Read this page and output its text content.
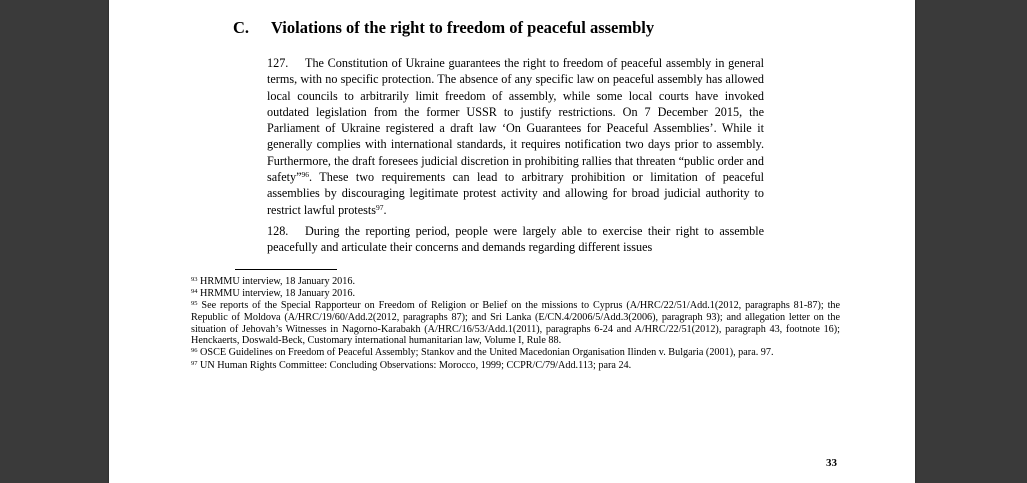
C. Violations of the right to freedom of peaceful assembly
127. The Constitution of Ukraine guarantees the right to freedom of peaceful assembly in general terms, with no specific protection. The absence of any specific law on peaceful assembly has allowed local councils to arbitrarily limit freedom of assembly, while some local courts have invoked outdated legislation from the former USSR to justify restrictions. On 7 December 2015, the Parliament of Ukraine registered a draft law ‘On Guarantees for Peaceful Assemblies’. While it generally complies with international standards, it requires notification two days prior to assembly. Furthermore, the draft foresees judicial discretion in prohibiting rallies that threaten “public order and safety”$^{96}$. These two requirements can lead to arbitrary prohibition or limitation of peaceful assemblies by discouraging legitimate protest activity and allowing for broad judicial authority to restrict lawful protests$^{97}$.
128. During the reporting period, people were largely able to exercise their right to assemble peacefully and articulate their concerns and demands regarding different issues
$^{93}$ HRMMU interview, 18 January 2016.
$^{94}$ HRMMU interview, 18 January 2016.
$^{95}$ See reports of the Special Rapporteur on Freedom of Religion or Belief on the missions to Cyprus (A/HRC/22/51/Add.1(2012, paragraphs 81-87); the Republic of Moldova (A/HRC/19/60/Add.2(2012, paragraphs 87); and Sri Lanka (E/CN.4/2006/5/Add.3(2006), paragraph 93); and allegation letter on the situation of Jehovah’s Witnesses in Nagorno-Karabakh (A/HRC/16/53/Add.1(2011), paragraphs 6-24 and A/HRC/22/51(2012), paragraph 43, footnote 16); Henckaerts, Doswald-Beck, Customary international humanitarian law, Volume I, Rule 88.
$^{96}$ OSCE Guidelines on Freedom of Peaceful Assembly; Stankov and the United Macedonian Organisation Ilinden v. Bulgaria (2001), para. 97.
$^{97}$ UN Human Rights Committee: Concluding Observations: Morocco, 1999; CCPR/C/79/Add.113; para 24.
33
